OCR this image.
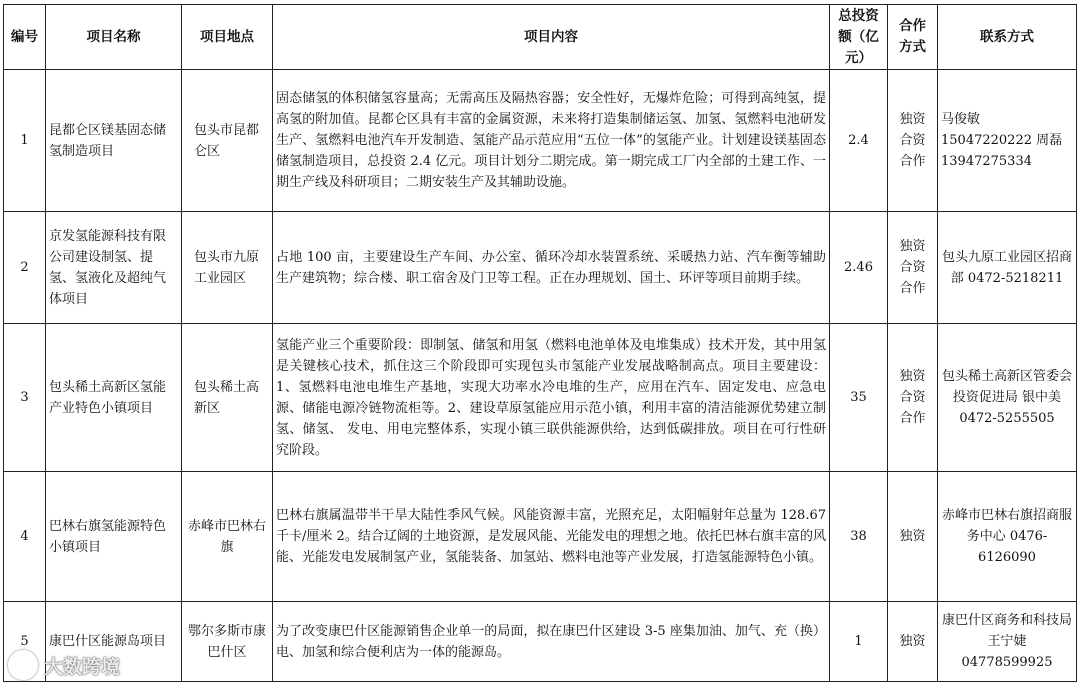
编号	项目名称	项目地点	项目内容	总投资额（亿元）	合作方式	联系方式
1	昆都仑区镁基固态储氢制造项目	包头市昆都仑区	固态储氢的体积储氢容量高；无需高压及隔热容器；安全性好，无爆炸危险；可得到高纯氢，提高氢的附加值。昆都仑区具有丰富的金属资源，未来将打造集制储运氢、加氢、氢燃料电池研发生产、氢燃料电池汽车开发制造、氢能产品示范应用“五位一体”的氢能产业。计划建设镁基固态储氢制造项目，总投资 2.4 亿元。项目计划分二期完成。第一期完成工厂内全部的土建工作、一期生产线及科研项目；二期安装生产及其辅助设施。	2.4	独资合资合作	马俊敏 15047220222 周磊 13947275334
2	京发氢能源科技有限公司建设制氢、提氢、氢液化及超纯气体项目	包头市九原工业园区	占地 100 亩，主要建设生产车间、办公室、循环冷却水装置系统、采暖热力站、汽车衡等辅助生产建筑物；综合楼、职工宿舍及门卫等工程。正在办理规划、国土、环评等项目前期手续。	2.46	独资合资合作	包头九原工业园区招商部 0472-5218211
3	包头稀土高新区氢能产业特色小镇项目	包头稀土高新区	氢能产业三个重要阶段：即制氢、储氢和用氢（燃料电池单体及电堆集成）技术开发，其中用氢是关键核心技术，抓住这三个阶段即可实现包头市氢能产业发展战略制高点。项目主要建设：1、氢燃料电池电堆生产基地，实现大功率水冷电堆的生产，应用在汽车、固定发电、应急电源、储能电源冷链物流柜等。2、建设草原氢能应用示范小镇，利用丰富的清洁能源优势建立制氢、储氢、 发电、用电完整体系，实现小镇三联供能源供给，达到低碳排放。项目在可行性研究阶段。	35	独资合资合作	包头稀土高新区管委会投资促进局 银中美 0472-5255505
4	巴林右旗氢能源特色小镇项目	赤峰市巴林右旗	巴林右旗属温带半干旱大陆性季风气候。风能资源丰富，光照充足，太阳幅射年总量为 128.67 千卡/厘米 2。结合辽阔的土地资源，是发展风能、光能发电的理想之地。依托巴林右旗丰富的风能、光能发电发展制氢产业，氢能装备、加氢站、燃料电池等产业发展，打造氢能源特色小镇。	38	独资	赤峰市巴林右旗招商服务中心 0476-6126090
5	康巴什区能源岛项目	鄂尔多斯市康巴什区	为了改变康巴什区能源销售企业单一的局面，拟在康巴什区建设 3-5 座集加油、加气、充（换）电、加氢和综合便利店为一体的能源岛。	1	独资	康巴什区商务和科技局 王宁婕 04778599925
大数跨境
